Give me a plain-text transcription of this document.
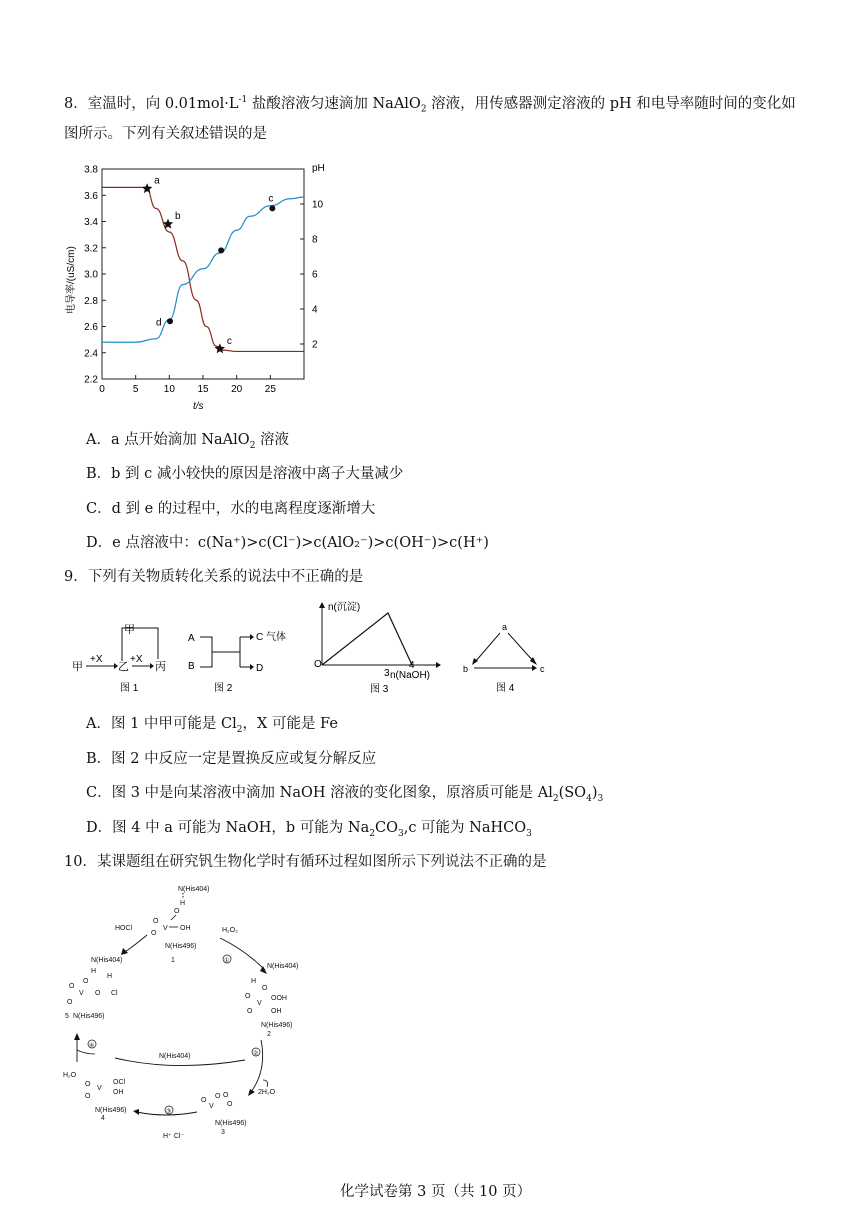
8．室温时，向 $0.01mol\cdot L^{-1}$ 盐酸溶液匀速滴加 NaAlO$_2$ 溶液，用传感器测定溶液的 pH 和电导率随时间的变化如
图所示。下列有关叙述错误的是
3.8
3.6
3.4
3.2
3.0
2.8
2.6
2.4
2.2
10
8
6
4
2
0	5	10 15 20 25
t/s
pH
电导率/(uS/cm)
a
b
c
d
c
A．a 点开始滴加 NaAlO$_2$ 溶液
B．b 到 c 减小较快的原因是溶液中离子大量减少
C．d 到 e 的过程中，水的电离程度逐渐增大
D．e 点溶液中：c(Na⁺)>c(Cl⁻)>c(AlO₂⁻)>c(OH⁻)>c(H⁺)
9．下列有关物质转化关系的说法中不正确的是
甲
甲
+X
乙
+X
丙
图 1
A
B
C 气体
D
图 2
n(沉淀)
O
3
4
n(NaOH)
图 3
a
b	c
图 4
A．图 1 中甲可能是 $Cl_2$，X 可能是 Fe
B．图 2 中反应一定是置换反应或复分解反应
C．图 3 中是向某溶液中滴加 NaOH 溶液的变化图象，原溶质可能是 $Al_2(SO_4)_3$
D．图 4 中 a 可能为 NaOH，b 可能为 $Na_2CO_3,c$ 可能为 NaHCO$_3$
10．某课题组在研究钒生物化学时有循环过程如图所示下列说法不正确的是
N(His404)
H
O
O
V
O
OH
N(His496)
1
HOCl
N(His404)
H
O
H
O
V O Cl
O
5 N(His496)
H₂O₂
①
N(His404)
H
O
O
V
OOH
O	OH
N(His496)
2
②
2H₂O
N(His404)
④
H₂O
O
V
OCl
OH
O
N(His496)
4
O
O
V O
O
N(His496)
3
③
H⁺ Cl⁻
化学试卷第 3 页（共 10 页）
